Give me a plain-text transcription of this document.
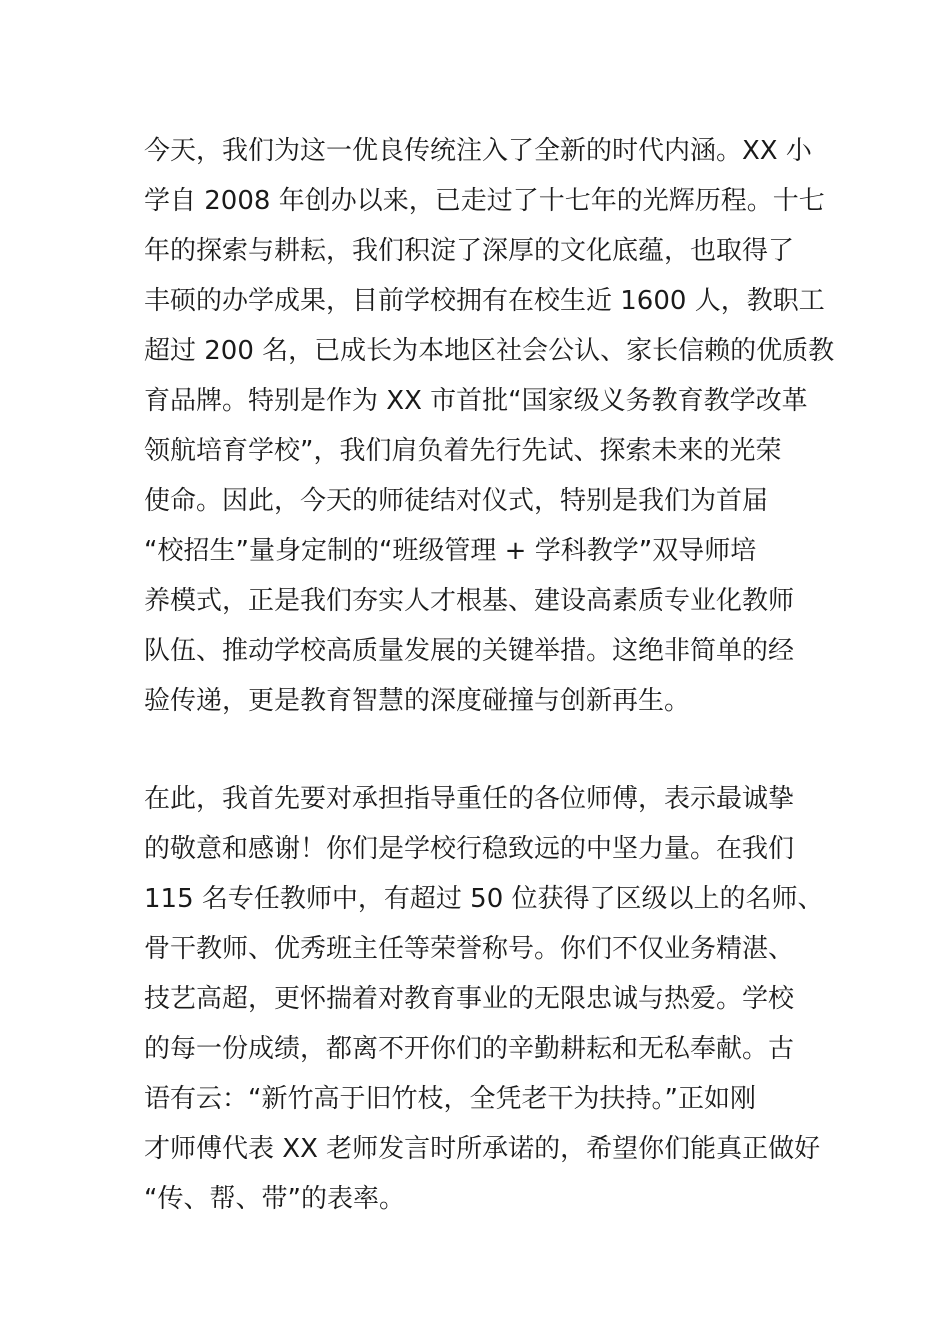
今天，我们为这一优良传统注入了全新的时代内涵。XX 小
学自 2008 年创办以来，已走过了十七年的光辉历程。十七
年的探索与耕耘，我们积淀了深厚的文化底蕴，也取得了
丰硕的办学成果，目前学校拥有在校生近 1600 人，教职工
超过 200 名，已成长为本地区社会公认、家长信赖的优质教
育品牌。特别是作为 XX 市首批“国家级义务教育教学改革
领航培育学校”，我们肩负着先行先试、探索未来的光荣
使命。因此，今天的师徒结对仪式，特别是我们为首届
“校招生”量身定制的“班级管理 + 学科教学”双导师培
养模式，正是我们夯实人才根基、建设高素质专业化教师
队伍、推动学校高质量发展的关键举措。这绝非简单的经
验传递，更是教育智慧的深度碰撞与创新再生。
在此，我首先要对承担指导重任的各位师傅，表示最诚挚
的敬意和感谢！你们是学校行稳致远的中坚力量。在我们
115 名专任教师中，有超过 50 位获得了区级以上的名师、
骨干教师、优秀班主任等荣誉称号。你们不仅业务精湛、
技艺高超，更怀揣着对教育事业的无限忠诚与热爱。学校
的每一份成绩，都离不开你们的辛勤耕耘和无私奉献。古
语有云：“新竹高于旧竹枝，全凭老干为扶持。”正如刚
才师傅代表 XX 老师发言时所承诺的，希望你们能真正做好
“传、帮、带”的表率。
